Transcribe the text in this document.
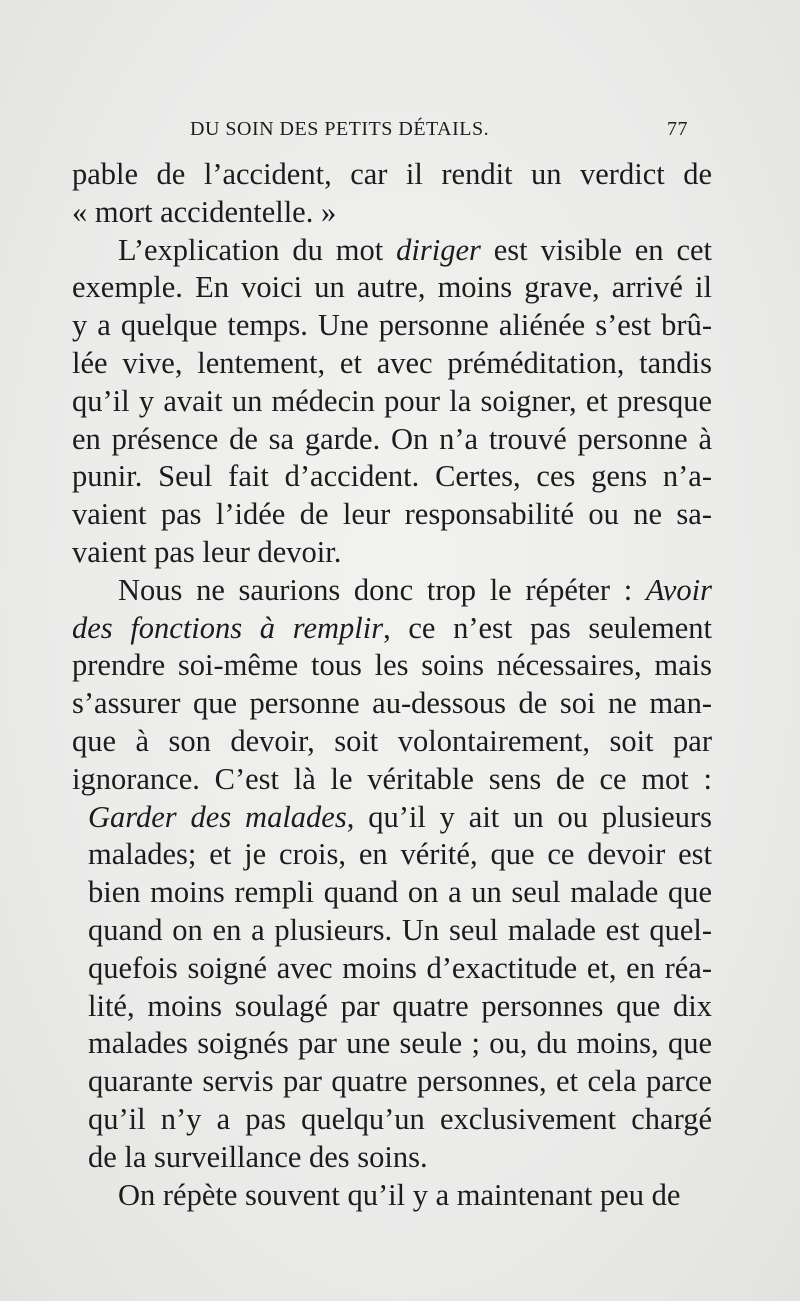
DU SOIN DES PETITS DÉTAILS.	77

pable de l’accident, car il rendit un verdict de
« mort accidentelle. »

L’explication du mot diriger est visible en cet
exemple. En voici un autre, moins grave, arrivé il
y a quelque temps. Une personne aliénée s’est brû-
lée vive, lentement, et avec préméditation, tandis
qu’il y avait un médecin pour la soigner, et presque
en présence de sa garde. On n’a trouvé personne à
punir. Seul fait d’accident. Certes, ces gens n’a-
vaient pas l’idée de leur responsabilité ou ne sa-
vaient pas leur devoir.

Nous ne saurions donc trop le répéter : Avoir
des fonctions à remplir, ce n’est pas seulement
prendre soi-même tous les soins nécessaires, mais
s’assurer que personne au-dessous de soi ne man-
que à son devoir, soit volontairement, soit par
ignorance. C’est là le véritable sens de ce mot :
Garder des malades, qu’il y ait un ou plusieurs
malades; et je crois, en vérité, que ce devoir est
bien moins rempli quand on a un seul malade que
quand on en a plusieurs. Un seul malade est quel-
quefois soigné avec moins d’exactitude et, en réa-
lité, moins soulagé par quatre personnes que dix
malades soignés par une seule ; ou, du moins, que
quarante servis par quatre personnes, et cela parce
qu’il n’y a pas quelqu’un exclusivement chargé
de la surveillance des soins.

On répète souvent qu’il y a maintenant peu de
